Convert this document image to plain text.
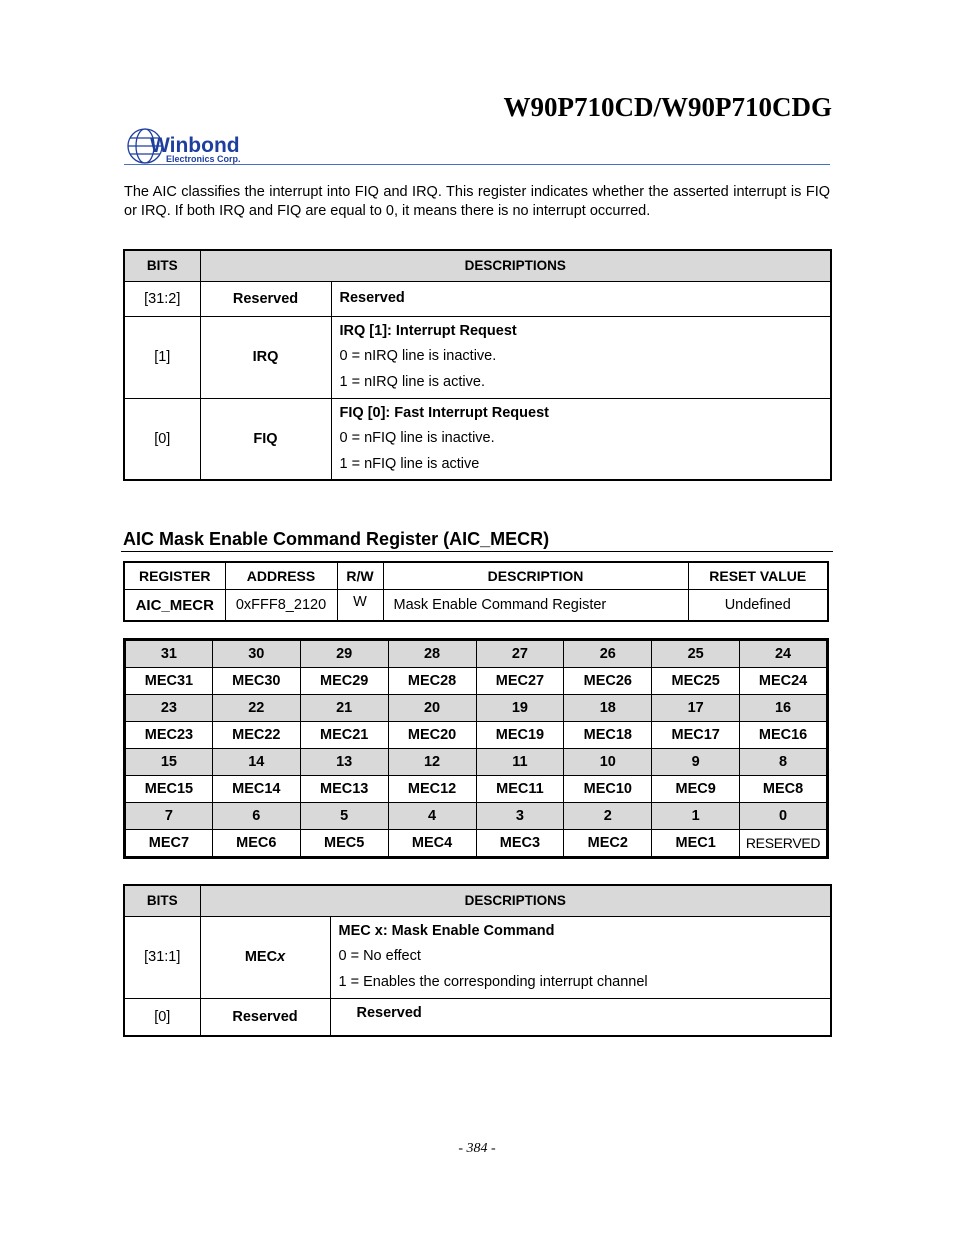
W90P710CD/W90P710CDG
Winbond
Electronics Corp.
The AIC classifies the interrupt into FIQ and IRQ. This register indicates whether the asserted interrupt is FIQ or IRQ. If both IRQ and FIQ are equal to 0, it means there is no interrupt occurred.
BITS	DESCRIPTIONS	
[31:2]	Reserved	Reserved

[1]	IRQ	IRQ [1]: Interrupt Request

0 = nIRQ line is inactive.

1 = nIRQ line is active.

[0]	FIQ	FIQ [0]: Fast Interrupt Request

0 = nFIQ line is inactive.

1 = nFIQ line is active

AIC Mask Enable Command Register (AIC_MECR)
REGISTER	ADDRESS	R/W	DESCRIPTION	RESET VALUE
AIC_MECR	0xFFF8_2120	W	Mask Enable Command Register	Undefined
31	30	29	28	27	26	25	24
MEC31	MEC30	MEC29	MEC28	MEC27	MEC26	MEC25	MEC24
23	22	21	20	19	18	17	16
MEC23	MEC22	MEC21	MEC20	MEC19	MEC18	MEC17	MEC16
15	14	13	12	11	10	9	8
MEC15	MEC14	MEC13	MEC12	MEC11	MEC10	MEC9	MEC8
7	6	5	4	3	2	1	0
MEC7	MEC6	MEC5	MEC4	MEC3	MEC2	MEC1	RESERVED
BITS	DESCRIPTIONS	
[31:1]	MECx	MEC x: Mask Enable Command

0 = No effect

1 = Enables the corresponding interrupt channel

[0]	Reserved	Reserved

- 384 -
